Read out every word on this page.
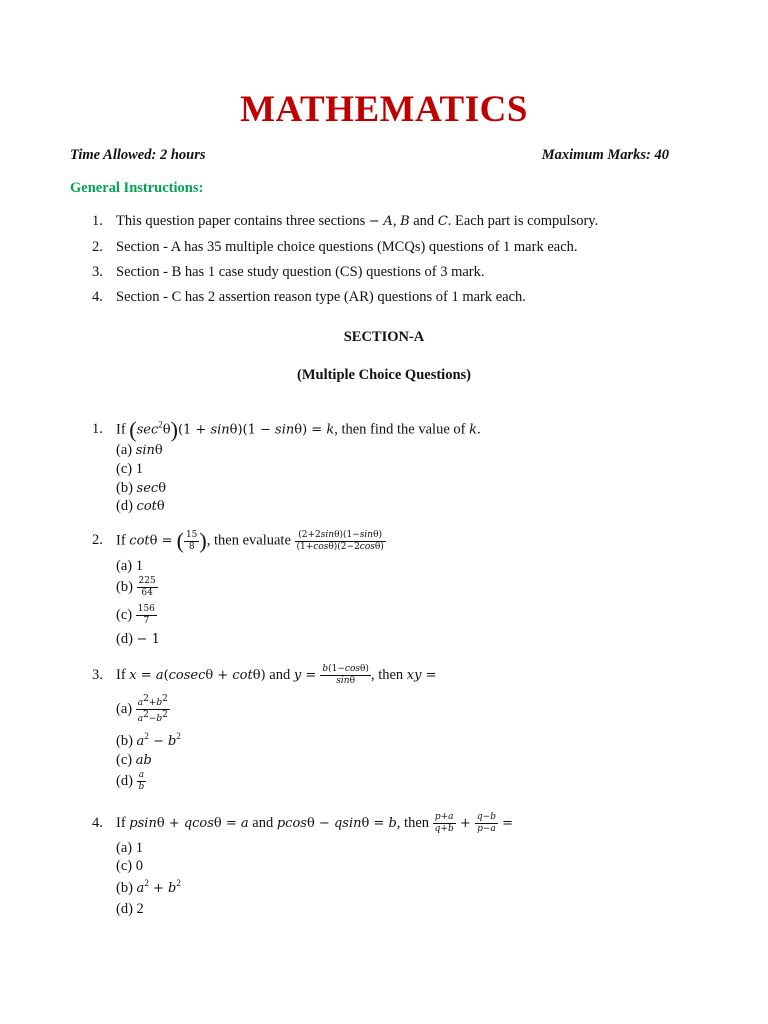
MATHEMATICS
Time Allowed: 2 hours	Maximum Marks: 40
General Instructions:
1. This question paper contains three sections − A, B and C. Each part is compulsory.
2. Section - A has 35 multiple choice questions (MCQs) questions of 1 mark each.
3. Section - B has 1 case study question (CS) questions of 3 mark.
4. Section - C has 2 assertion reason type (AR) questions of 1 mark each.
SECTION-A
(Multiple Choice Questions)
1. If $(\sec^2\theta)(1 + \sin\theta)(1 - \sin\theta) = k$, then find the value of k.
(a) sinθ
(c) 1
(b) secθ
(d) cotθ
2. If cotθ = ( $\frac{15}{8}$ ), then evaluate $\frac{(2+2\sin\theta)(1-\sin\theta)}{(1+\cos\theta)(2-2\cos\theta)}$
(a) 1
$(b) \frac{225}{64}$
$(c) \frac{156}{7}$
(d) − 1
3. If x = a(cosecθ + cotθ) and $y = \frac{b(1-\cos\theta)}{\sin\theta}$ , then xy =
$(a) \frac{a^2+b^2}{a^2-b^2}$
(b) $a^2 - b^2$
(c) ab
$(d) \frac{a}{b}$
4. If psinθ + qcosθ = a and pcosθ − qsinθ = b, then $\frac{p+a}{q+b} + \frac{q-b}{p-a}$ =
(a) 1
(c) 0
(b) $a^2 + b^2$
(d) 2
